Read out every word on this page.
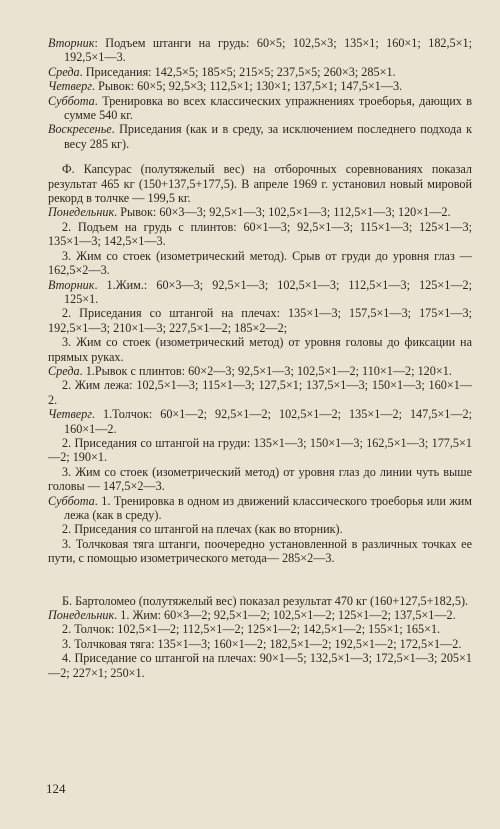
Вторник: Подъем штанги на грудь: 60×5; 102,5×3; 135×1; 160×1; 182,5×1; 192,5×1—3.

Среда. Приседания: 142,5×5; 185×5; 215×5; 237,5×5; 260×3; 285×1.

Четверг. Рывок: 60×5; 92,5×3; 112,5×1; 130×1; 137,5×1; 147,5×1—3.

Суббота. Тренировка во всех классических упражнениях троеборья, дающих в сумме 540 кг.

Воскресенье. Приседания (как и в среду, за исключением последнего подхода к весу 285 кг).

Ф. Капсурас (полутяжелый вес) на отборочных соревнованиях показал результат 465 кг (150+137,5+177,5). В апреле 1969 г. установил новый мировой рекорд в толчке — 199,5 кг.

Понедельник. Рывок: 60×3—3; 92,5×1—3; 102,5×1—3; 112,5×1—3; 120×1—2.

2. Подъем на грудь с плинтов: 60×1—3; 92,5×1—3; 115×1—3; 125×1—3; 135×1—3; 142,5×1—3.

3. Жим со стоек (изометрический метод). Срыв от груди до уровня глаз — 162,5×2—3.

Вторник. 1.Жим.: 60×3—3; 92,5×1—3; 102,5×1—3; 112,5×1—3; 125×1—2; 125×1.

2. Приседания со штангой на плечах: 135×1—3; 157,5×1—3; 175×1—3; 192,5×1—3; 210×1—3; 227,5×1—2; 185×2—2;

3. Жим со стоек (изометрический метод) от уровня головы до фиксации на прямых руках.

Среда. 1.Рывок с плинтов: 60×2—3; 92,5×1—3; 102,5×1—2; 110×1—2; 120×1.

2. Жим лежа: 102,5×1—3; 115×1—3; 127,5×1; 137,5×1—3; 150×1—3; 160×1—2.

Четверг. 1.Толчок: 60×1—2; 92,5×1—2; 102,5×1—2; 135×1—2; 147,5×1—2; 160×1—2.

2. Приседания со штангой на груди: 135×1—3; 150×1—3; 162,5×1—3; 177,5×1—2; 190×1.

3. Жим со стоек (изометрический метод) от уровня глаз до линии чуть выше головы — 147,5×2—3.

Суббота. 1. Тренировка в одном из движений классического троеборья или жим лежа (как в среду).

2. Приседания со штангой на плечах (как во вторник).

3. Толчковая тяга штанги, поочередно установленной в различных точках ее пути, с помощью изометрического метода— 285×2—3.

Б. Бартоломео (полутяжелый вес) показал результат 470 кг (160+127,5+182,5).

Понедельник. 1. Жим: 60×3—2; 92,5×1—2; 102,5×1—2; 125×1—2; 137,5×1—2.

2. Толчок: 102,5×1—2; 112,5×1—2; 125×1—2; 142,5×1—2; 155×1; 165×1.

3. Толчковая тяга: 135×1—3; 160×1—2; 182,5×1—2; 192,5×1—2; 172,5×1—2.

4. Приседание со штангой на плечах: 90×1—5; 132,5×1—3; 172,5×1—3; 205×1—2; 227×1; 250×1.

124
